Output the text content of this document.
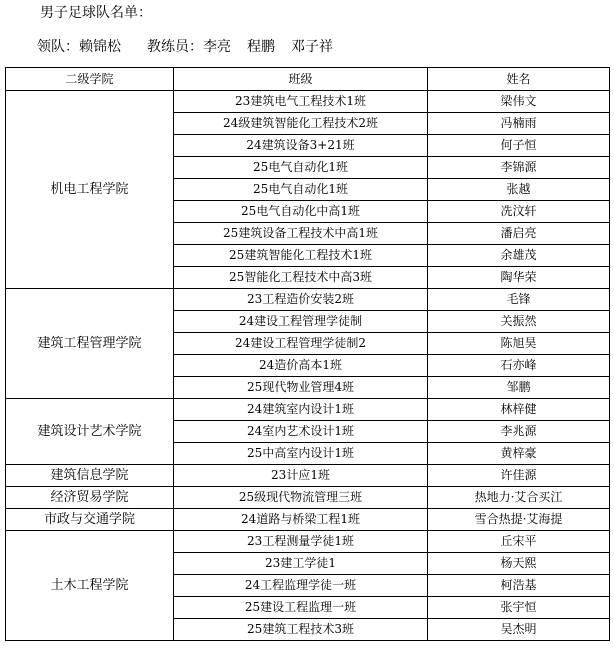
男子足球队名单：
领队：赖锦松 教练员：李亮 程鹏 邓子祥
二级学院	班级	姓名
机电工程学院	23建筑电气工程技术1班	梁伟文
	24级建筑智能化工程技术2班	冯楠雨
	24建筑设备3+21班	何子恒
	25电气自动化1班	李锦源
	25电气自动化1班	张越
	25电气自动化中高1班	冼汶轩
	25建筑设备工程技术中高1班	潘启亮
	25建筑智能化工程技术1班	余雄茂
	25智能化工程技术中高3班	陶华荣
建筑工程管理学院	23工程造价安装2班	毛锋
	24建设工程管理学徒制	关振然
	24建设工程管理学徒制2	陈旭昊
	24造价高本1班	石亦峰
	25现代物业管理4班	邹鹏
建筑设计艺术学院	24建筑室内设计1班	林梓健
	24室内艺术设计1班	李兆源
	25中高室内设计1班	黄梓豪
建筑信息学院	23计应1班	许佳源
经济贸易学院	25级现代物流管理三班	热地力·艾合买江
市政与交通学院	24道路与桥梁工程1班	雪合热提·艾海提
土木工程学院	23工程测量学徒1班	丘宋平
	23建工学徒1	杨天熙
	24工程监理学徒一班	柯浩基
	25建设工程监理一班	张宇恒
	25建筑工程技术3班	吴杰明
